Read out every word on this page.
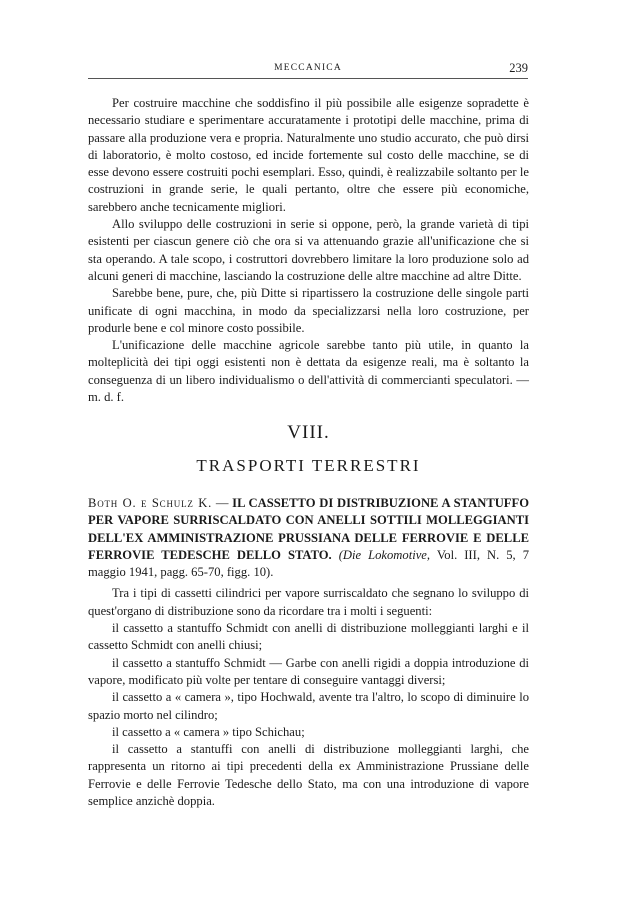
MECCANICA	239

Per costruire macchine che soddisfino il più possibile alle esigenze sopradette è necessario studiare e sperimentare accuratamente i prototipi delle macchine, prima di passare alla produzione vera e propria. Naturalmente uno studio accurato, che può dirsi di laboratorio, è molto costoso, ed incide fortemente sul costo delle macchine, se di esse devono essere costruiti pochi esemplari. Esso, quindi, è realizzabile soltanto per le costruzioni in grande serie, le quali pertanto, oltre che essere più economiche, sarebbero anche tecnicamente migliori.

Allo sviluppo delle costruzioni in serie si oppone, però, la grande varietà di tipi esistenti per ciascun genere ciò che ora si va attenuando grazie all'unificazione che si sta operando. A tale scopo, i costruttori dovrebbero limitare la loro produzione solo ad alcuni generi di macchine, lasciando la costruzione delle altre macchine ad altre Ditte.

Sarebbe bene, pure, che, più Ditte si ripartissero la costruzione delle singole parti unificate di ogni macchina, in modo da specializzarsi nella loro costruzione, per produrle bene e col minore costo possibile.

L'unificazione delle macchine agricole sarebbe tanto più utile, in quanto la molteplicità dei tipi oggi esistenti non è dettata da esigenze reali, ma è soltanto la conseguenza di un libero individualismo o dell'attività di commercianti speculatori. — m. d. f.

VIII.
TRASPORTI TERRESTRI

Both O. e Schulz K. — IL CASSETTO DI DISTRIBUZIONE A STANTUFFO PER VAPORE SURRISCALDATO CON ANELLI SOTTILI MOLLEGGIANTI DELL'EX AMMINISTRAZIONE PRUSSIANA DELLE FERROVIE E DELLE FERROVIE TEDESCHE DELLO STATO. (Die Lokomotive, Vol. III, N. 5, 7 maggio 1941, pagg. 65-70, figg. 10).

Tra i tipi di cassetti cilindrici per vapore surriscaldato che segnano lo sviluppo di quest'organo di distribuzione sono da ricordare tra i molti i seguenti:

il cassetto a stantuffo Schmidt con anelli di distribuzione molleggianti larghi e il cassetto Schmidt con anelli chiusi;

il cassetto a stantuffo Schmidt — Garbe con anelli rigidi a doppia introduzione di vapore, modificato più volte per tentare di conseguire vantaggi diversi;

il cassetto a « camera », tipo Hochwald, avente tra l'altro, lo scopo di diminuire lo spazio morto nel cilindro;

il cassetto a « camera » tipo Schichau;

il cassetto a stantuffi con anelli di distribuzione molleggianti larghi, che rappresenta un ritorno ai tipi precedenti della ex Amministrazione Prussiane delle Ferrovie e delle Ferrovie Tedesche dello Stato, ma con una introduzione di vapore semplice anzichè doppia.
